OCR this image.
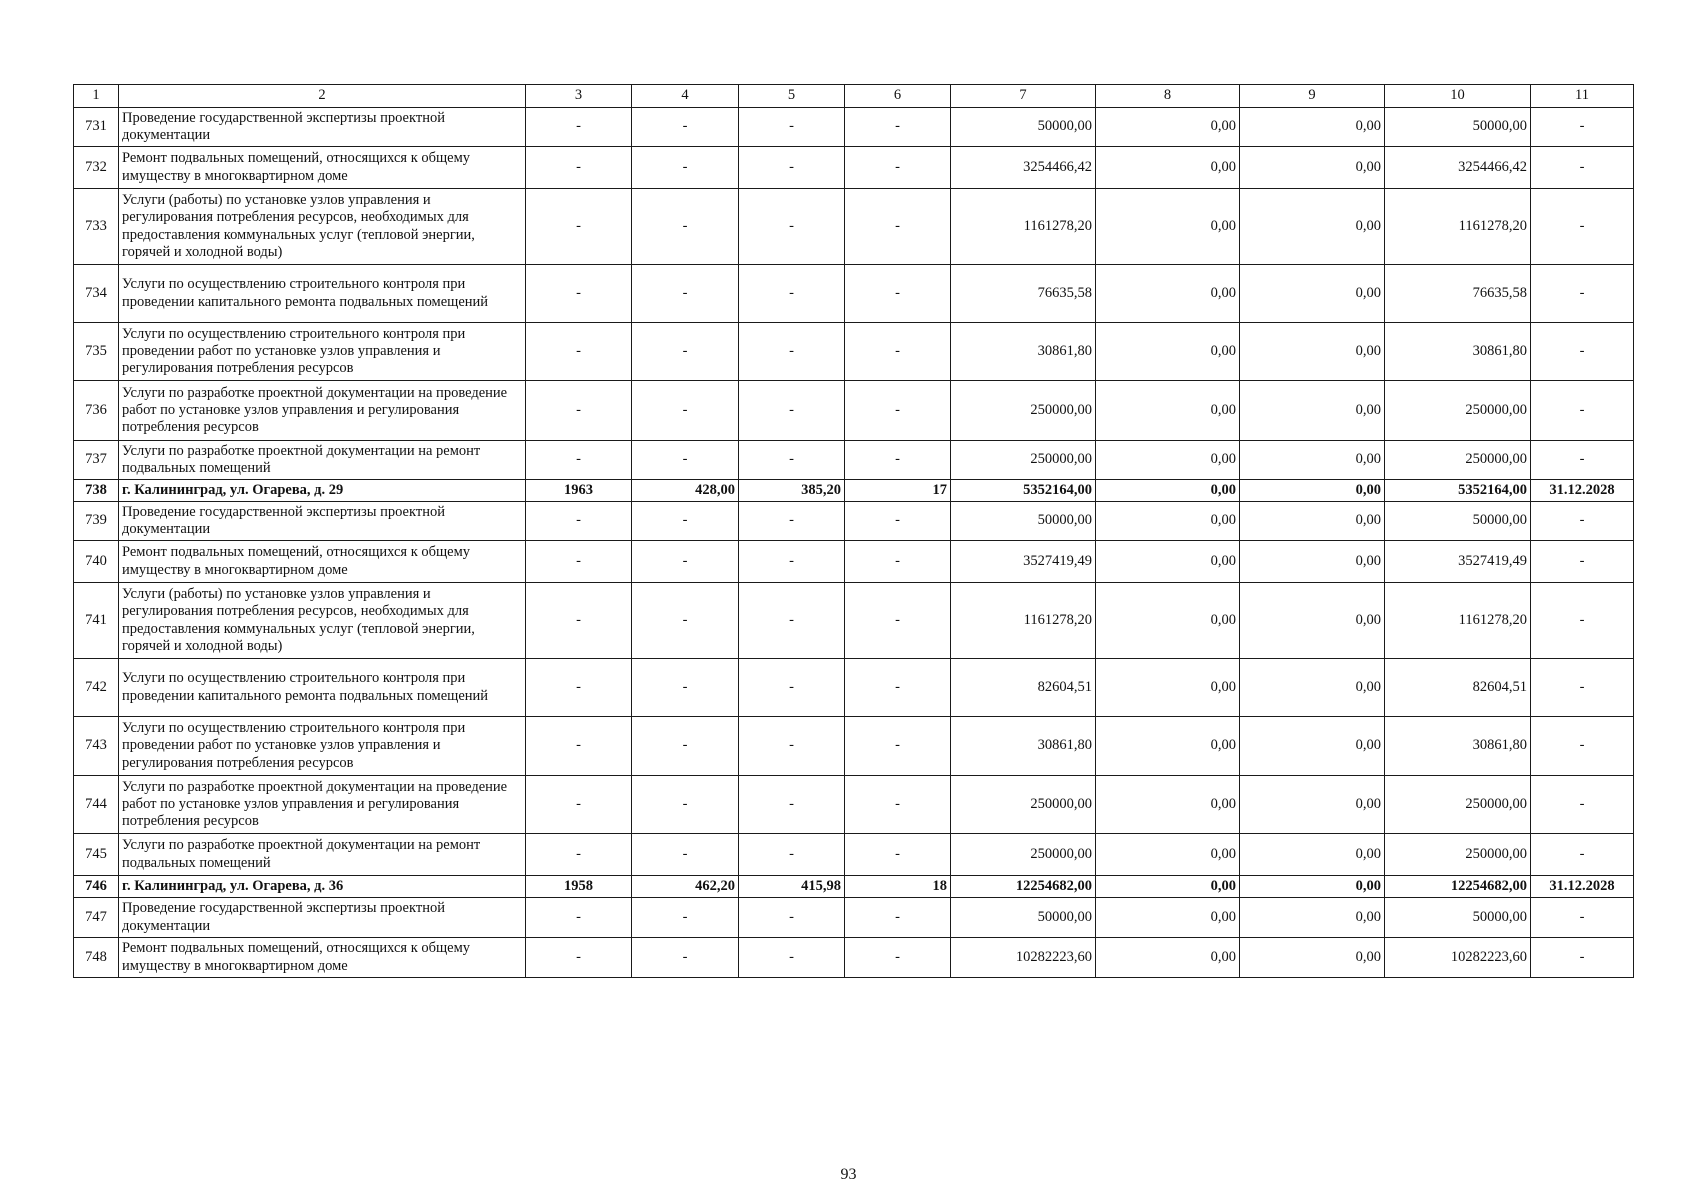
1	2	3	4	5	6	7	8	9	10	11
731	Проведение государственной экспертизы проектной документации	-	-	-	-	50000,00	0,00	0,00	50000,00	-
732	Ремонт подвальных помещений, относящихся к общему имуществу в многоквартирном доме	-	-	-	-	3254466,42	0,00	0,00	3254466,42	-
733	Услуги (работы) по установке узлов управления и регулирования потребления ресурсов, необходимых для предоставления коммунальных услуг (тепловой энергии, горячей и холодной воды)	-	-	-	-	1161278,20	0,00	0,00	1161278,20	-
734	Услуги по осуществлению строительного контроля при проведении капитального ремонта подвальных помещений	-	-	-	-	76635,58	0,00	0,00	76635,58	-
735	Услуги по осуществлению строительного контроля при проведении работ по установке узлов управления и регулирования потребления ресурсов	-	-	-	-	30861,80	0,00	0,00	30861,80	-
736	Услуги по разработке проектной документации на проведение работ по установке узлов управления и регулирования потребления ресурсов	-	-	-	-	250000,00	0,00	0,00	250000,00	-
737	Услуги по разработке проектной документации на ремонт подвальных помещений	-	-	-	-	250000,00	0,00	0,00	250000,00	-
738	г. Калининград, ул. Огарева, д. 29	1963	428,00	385,20	17	5352164,00	0,00	0,00	5352164,00	31.12.2028
739	Проведение государственной экспертизы проектной документации	-	-	-	-	50000,00	0,00	0,00	50000,00	-
740	Ремонт подвальных помещений, относящихся к общему имуществу в многоквартирном доме	-	-	-	-	3527419,49	0,00	0,00	3527419,49	-
741	Услуги (работы) по установке узлов управления и регулирования потребления ресурсов, необходимых для предоставления коммунальных услуг (тепловой энергии, горячей и холодной воды)	-	-	-	-	1161278,20	0,00	0,00	1161278,20	-
742	Услуги по осуществлению строительного контроля при проведении капитального ремонта подвальных помещений	-	-	-	-	82604,51	0,00	0,00	82604,51	-
743	Услуги по осуществлению строительного контроля при проведении работ по установке узлов управления и регулирования потребления ресурсов	-	-	-	-	30861,80	0,00	0,00	30861,80	-
744	Услуги по разработке проектной документации на проведение работ по установке узлов управления и регулирования потребления ресурсов	-	-	-	-	250000,00	0,00	0,00	250000,00	-
745	Услуги по разработке проектной документации на ремонт подвальных помещений	-	-	-	-	250000,00	0,00	0,00	250000,00	-
746	г. Калининград, ул. Огарева, д. 36	1958	462,20	415,98	18	12254682,00	0,00	0,00	12254682,00	31.12.2028
747	Проведение государственной экспертизы проектной документации	-	-	-	-	50000,00	0,00	0,00	50000,00	-
748	Ремонт подвальных помещений, относящихся к общему имуществу в многоквартирном доме	-	-	-	-	10282223,60	0,00	0,00	10282223,60	-
93
